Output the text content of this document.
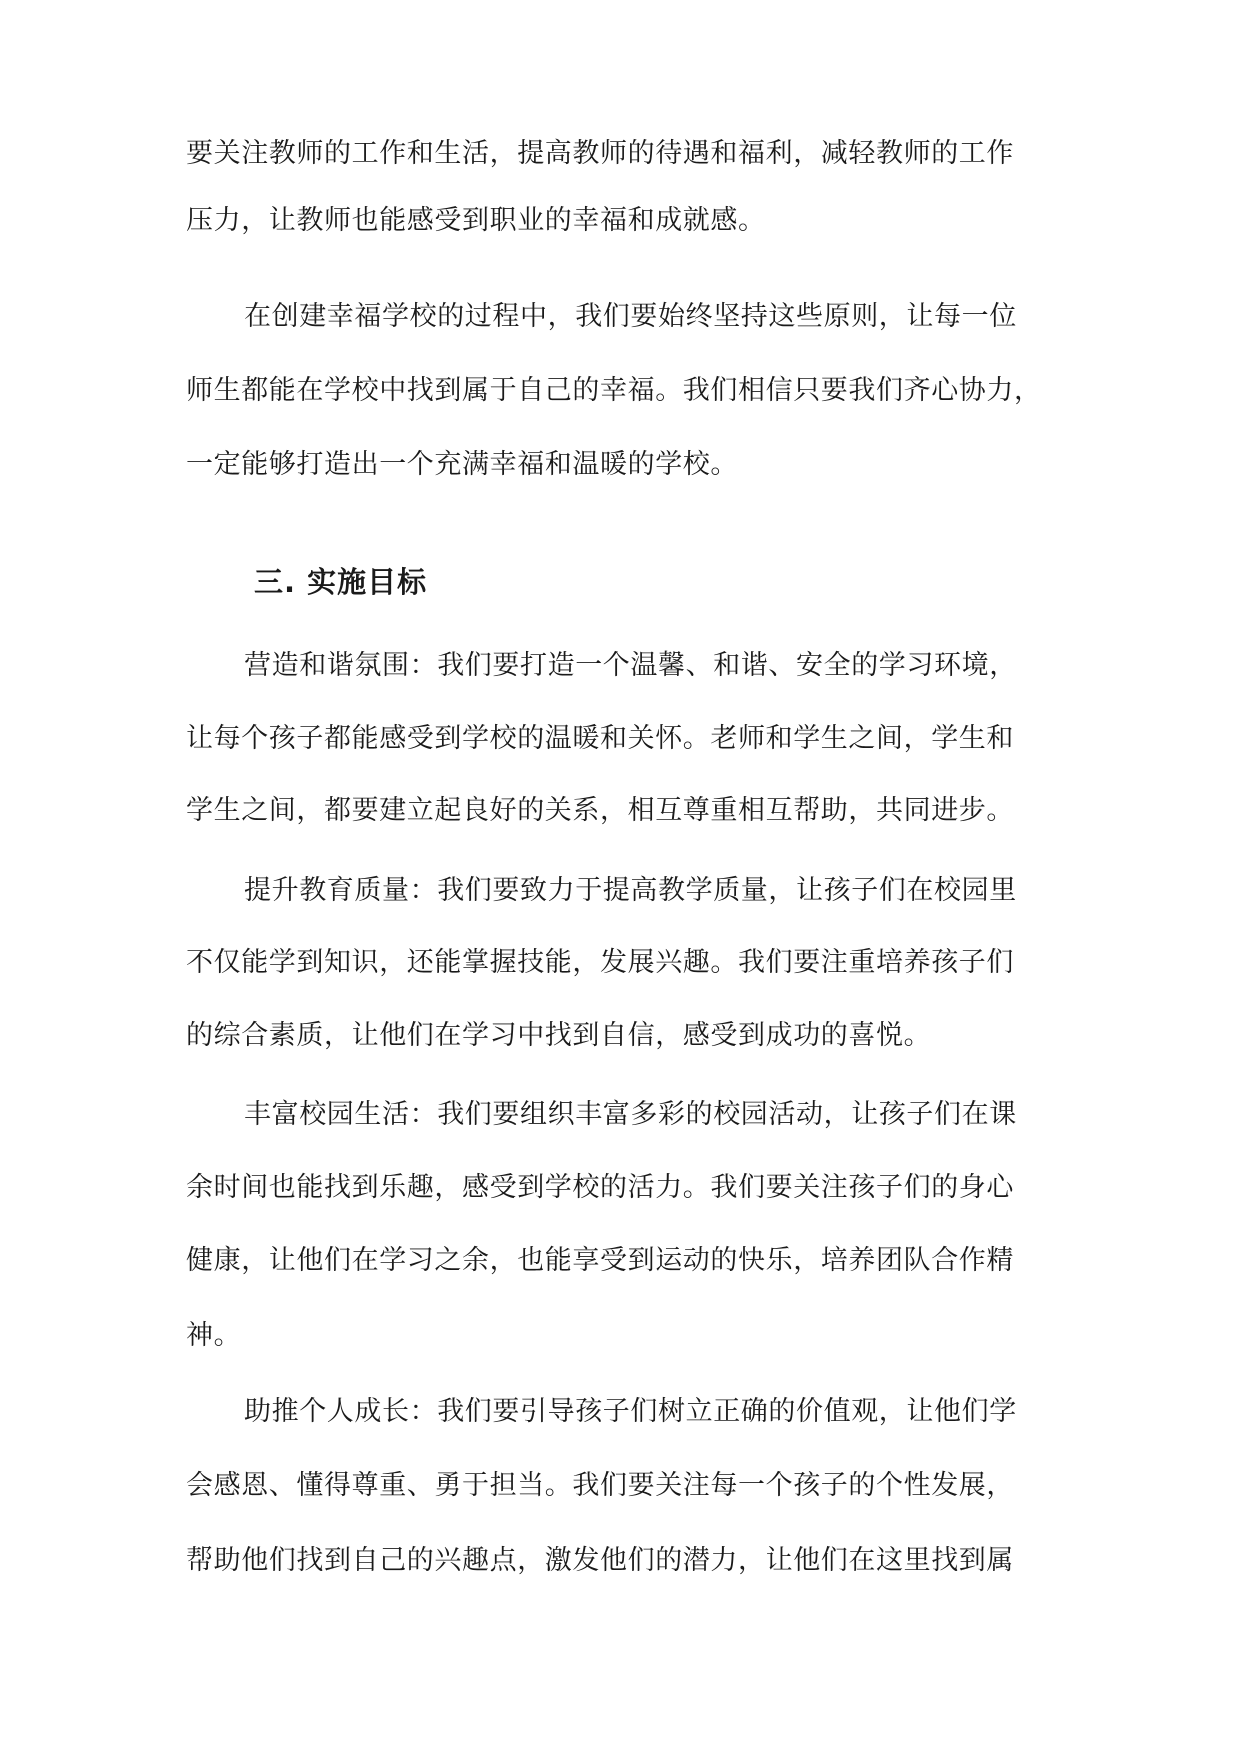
要关注教师的工作和生活，提高教师的待遇和福利，减轻教师的工作
压力，让教师也能感受到职业的幸福和成就感。
在创建幸福学校的过程中，我们要始终坚持这些原则，让每一位
师生都能在学校中找到属于自己的幸福。我们相信只要我们齐心协力，
一定能够打造出一个充满幸福和温暖的学校。
三. 实施目标
营造和谐氛围：我们要打造一个温馨、和谐、安全的学习环境，
让每个孩子都能感受到学校的温暖和关怀。老师和学生之间，学生和
学生之间，都要建立起良好的关系，相互尊重相互帮助，共同进步。
提升教育质量：我们要致力于提高教学质量，让孩子们在校园里
不仅能学到知识，还能掌握技能，发展兴趣。我们要注重培养孩子们
的综合素质，让他们在学习中找到自信，感受到成功的喜悦。
丰富校园生活：我们要组织丰富多彩的校园活动，让孩子们在课
余时间也能找到乐趣，感受到学校的活力。我们要关注孩子们的身心
健康，让他们在学习之余，也能享受到运动的快乐，培养团队合作精
神。
助推个人成长：我们要引导孩子们树立正确的价值观，让他们学
会感恩、懂得尊重、勇于担当。我们要关注每一个孩子的个性发展，
帮助他们找到自己的兴趣点，激发他们的潜力，让他们在这里找到属
